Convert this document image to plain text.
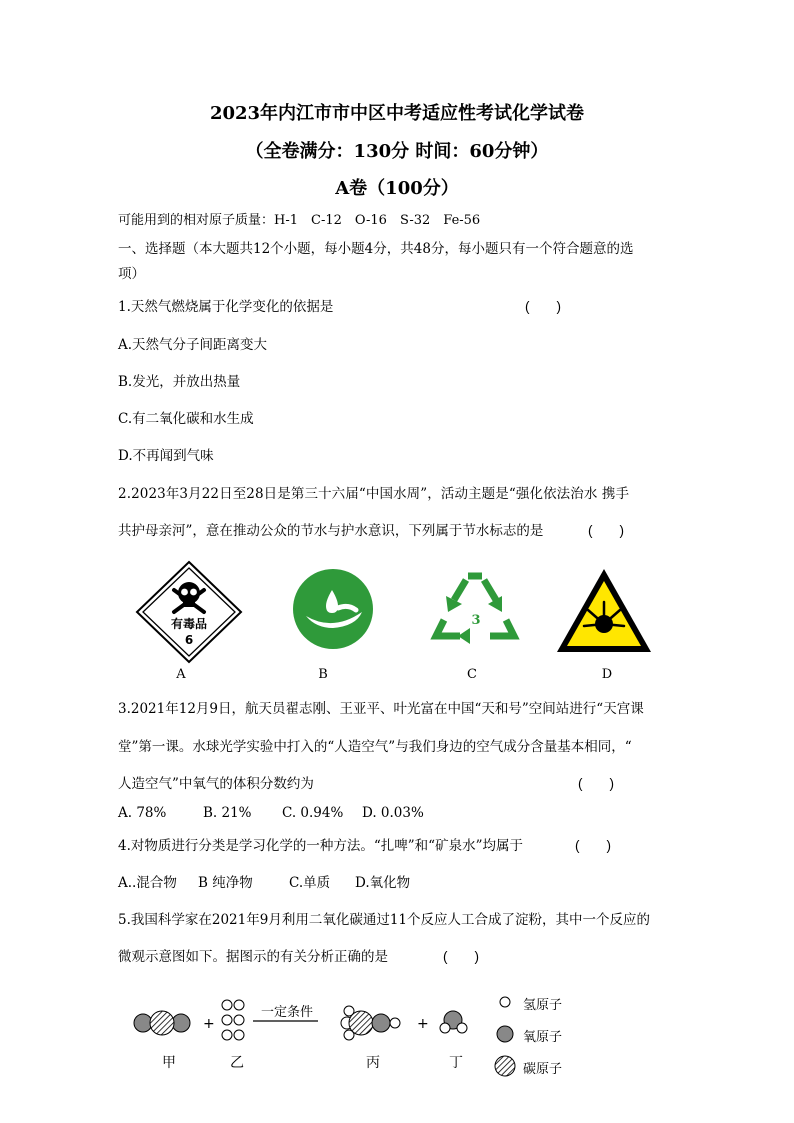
2023年内江市市中区中考适应性考试化学试卷
（全卷满分：130分 时间：60分钟）
A卷（100分）
可能用到的相对原子质量：H-1　C-12　O-16　S-32　Fe-56
一、选择题（本大题共12个小题，每小题4分，共48分，每小题只有一个符合题意的选
项）
1.天然气燃烧属于化学变化的依据是	(　　)
A.天然气分子间距离变大
B.发光，并放出热量
C.有二氧化碳和水生成
D.不再闻到气味
2.2023年3月22日至28日是第三十六届“中国水周”，活动主题是“强化依法治水 携手
共护母亲河”，意在推动公众的节水与护水意识，下列属于节水标志的是	(　　)
有毒品
6
3
A	B	C	D
3.2021年12月9日，航天员翟志刚、王亚平、叶光富在中国“天和号”空间站进行“天宫课
堂”第一课。水球光学实验中打入的“人造空气”与我们身边的空气成分含量基本相同，“
人造空气”中氧气的体积分数约为	(　　)
A. 78%	B. 21% C. 0.94% D. 0.03%
4.对物质进行分类是学习化学的一种方法。“扎啤”和“矿泉水”均属于	(　　)
A..混合物 B 纯净物	C.单质 D.氧化物
5.我国科学家在2021年9月利用二氧化碳通过11个反应人工合成了淀粉，其中一个反应的
微观示意图如下。据图示的有关分析正确的是	(　　)
+
一定条件
+
甲	乙	丙	丁
氢原子
氧原子
碳原子
